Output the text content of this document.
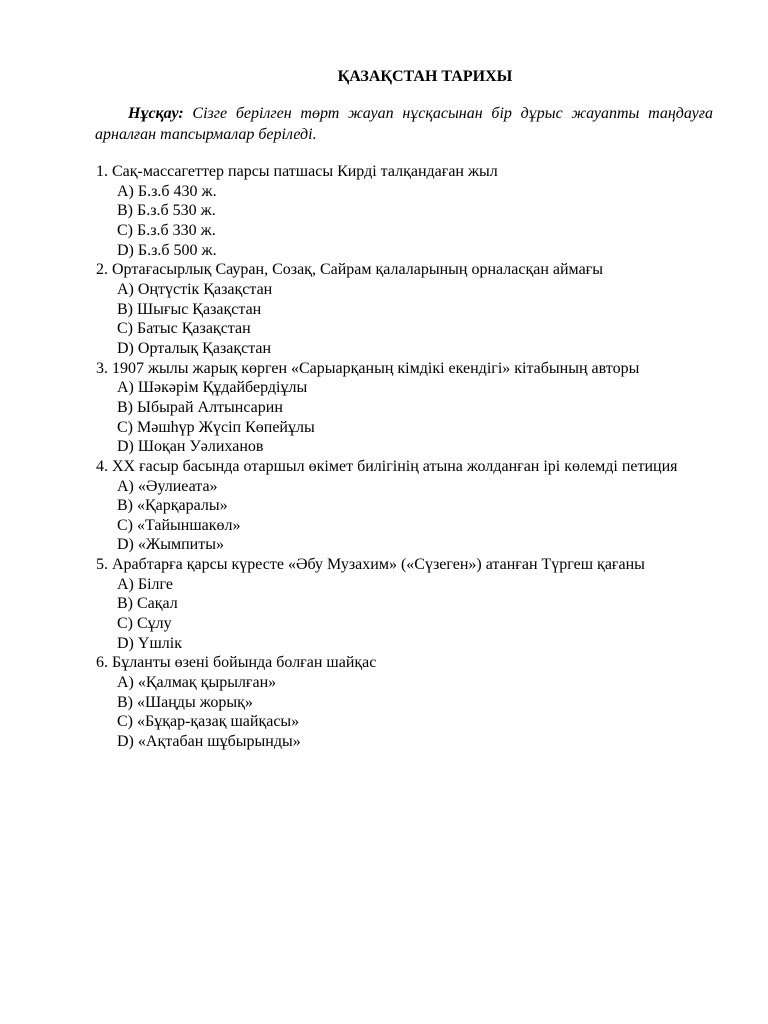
ҚАЗАҚСТАН ТАРИХЫ
Нұсқау: Сізге берілген төрт жауап нұсқасынан бір дұрыс жауапты таңдауға арналған тапсырмалар беріледі.
1. Сақ-массагеттер парсы патшасы Кирді талқандаған жыл
A) Б.з.б 430 ж.
B) Б.з.б 530 ж.
C) Б.з.б 330 ж.
D) Б.з.б 500 ж.
2. Ортағасырлық Сауран, Созақ, Сайрам қалаларының орналасқан аймағы
A) Оңтүстік Қазақстан
B) Шығыс Қазақстан
C) Батыс Қазақстан
D) Орталық Қазақстан
3. 1907 жылы жарық көрген «Сарыарқаның кімдікі екендігі» кітабының авторы
A) Шәкәрім Құдайбердіұлы
B) Ыбырай Алтынсарин
C) Мәшһүр Жүсіп Көпейұлы
D) Шоқан Уәлиханов
4. XX ғасыр басында отаршыл өкімет билігінің атына жолданған ірі көлемді петиция
A) «Әулиеата»
B) «Қарқаралы»
C) «Тайыншакөл»
D) «Жымпиты»
5. Арабтарға қарсы күресте «Әбу Музахим» («Сүзеген») атанған Түргеш қағаны
A) Білге
B) Сақал
C) Сұлу
D) Үшлік
6. Бұланты өзені бойында болған шайқас
A) «Қалмақ қырылған»
B) «Шаңды жорық»
C) «Бұқар-қазақ шайқасы»
D) «Ақтабан шұбырынды»
